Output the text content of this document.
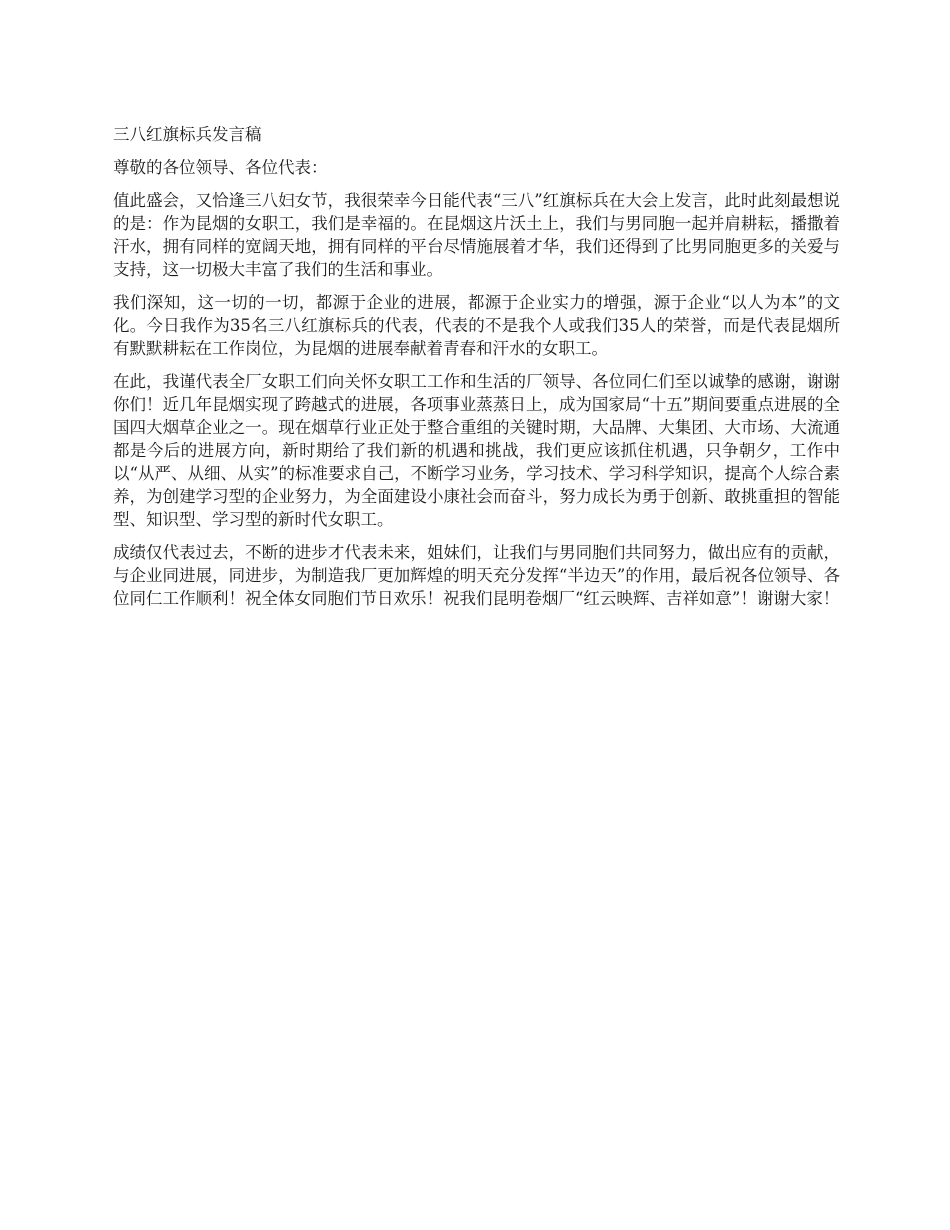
三八红旗标兵发言稿

尊敬的各位领导、各位代表：

值此盛会，又恰逢三八妇女节，我很荣幸今日能代表“三八”红旗标兵在大会上发言，此时此刻最想说的是：作为昆烟的女职工，我们是幸福的。在昆烟这片沃土上，我们与男同胞一起并肩耕耘，播撒着汗水，拥有同样的宽阔天地，拥有同样的平台尽情施展着才华，我们还得到了比男同胞更多的关爱与支持，这一切极大丰富了我们的生活和事业。

我们深知，这一切的一切，都源于企业的进展，都源于企业实力的增强，源于企业“以人为本”的文化。今日我作为35名三八红旗标兵的代表，代表的不是我个人或我们35人的荣誉，而是代表昆烟所有默默耕耘在工作岗位，为昆烟的进展奉献着青春和汗水的女职工。

在此，我谨代表全厂女职工们向关怀女职工工作和生活的厂领导、各位同仁们至以诚挚的感谢，谢谢你们！近几年昆烟实现了跨越式的进展，各项事业蒸蒸日上，成为国家局“十五”期间要重点进展的全国四大烟草企业之一。现在烟草行业正处于整合重组的关键时期，大品牌、大集团、大市场、大流通都是今后的进展方向，新时期给了我们新的机遇和挑战，我们更应该抓住机遇，只争朝夕，工作中以“从严、从细、从实”的标准要求自己，不断学习业务，学习技术、学习科学知识，提高个人综合素养，为创建学习型的企业努力，为全面建设小康社会而奋斗，努力成长为勇于创新、敢挑重担的智能型、知识型、学习型的新时代女职工。

成绩仅代表过去，不断的进步才代表未来，姐妹们，让我们与男同胞们共同努力，做出应有的贡献，与企业同进展，同进步，为制造我厂更加辉煌的明天充分发挥“半边天”的作用，最后祝各位领导、各位同仁工作顺利！祝全体女同胞们节日欢乐！祝我们昆明卷烟厂“红云映辉、吉祥如意”！谢谢大家！
